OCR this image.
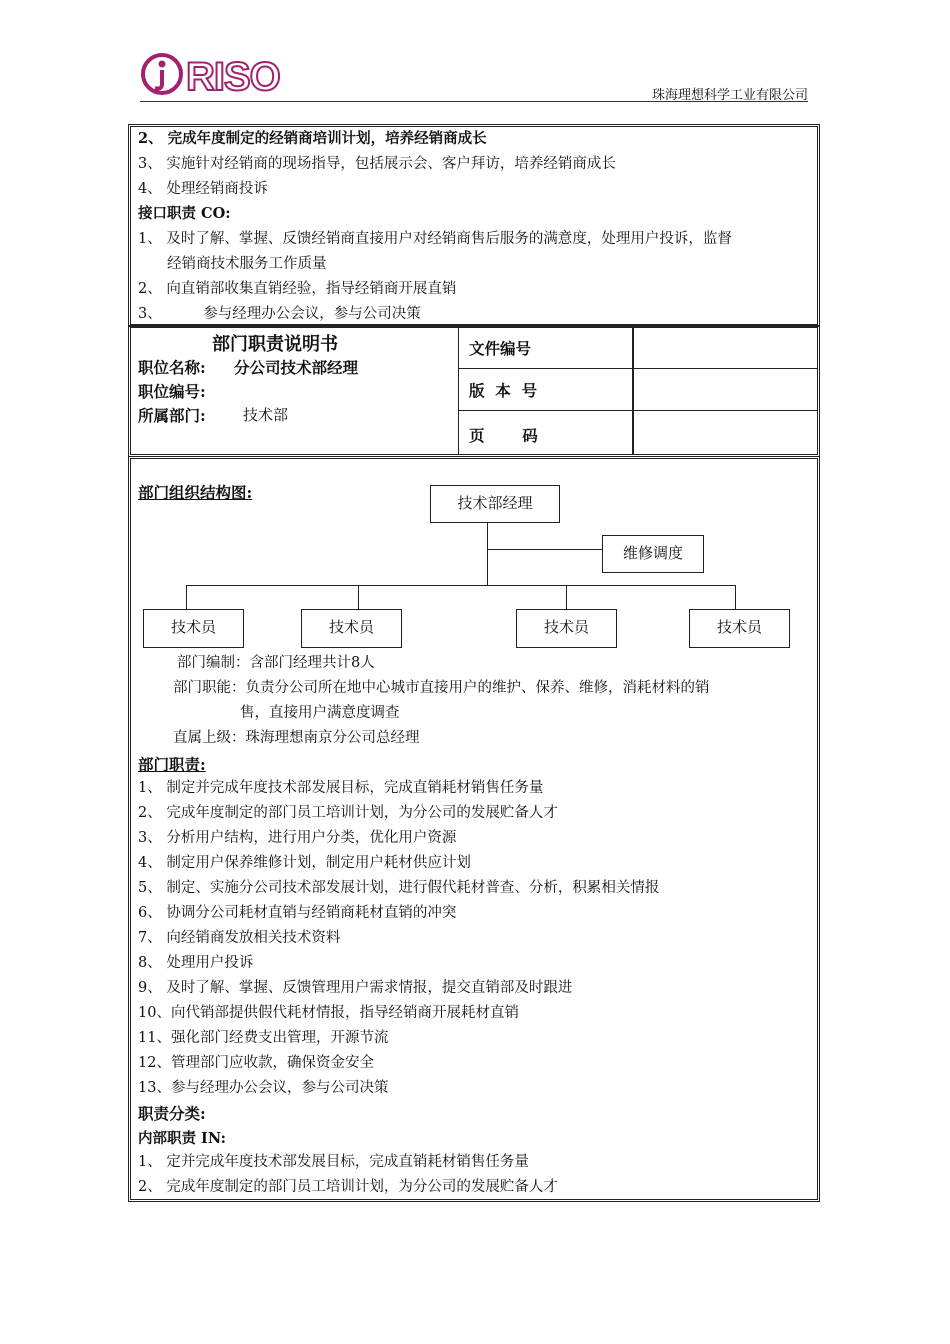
RISO	珠海理想科学工业有限公司
2、 完成年度制定的经销商培训计划，培养经销商成长
3、 实施针对经销商的现场指导，包括展示会、客户拜访，培养经销商成长
4、 处理经销商投诉
接口职责 CO:
1、 及时了解、掌握、反馈经销商直接用户对经销商售后服务的满意度，处理用户投诉，监督
经销商技术服务工作质量
2、 向直销部收集直销经验，指导经销商开展直销
3、         参与经理办公会议，参与公司决策
部门职责说明书
职位名称: 分公司技术部经理
职位编号:
所属部门: 技术部
文件编号
版  本  号
页       码
部门组织结构图:
技术部经理
维修调度
技术员	技术员	技术员	技术员
部门编制：含部门经理共计8人
部门职能：负责分公司所在地中心城市直接用户的维护、保养、维修，消耗材料的销
售，直接用户满意度调查
直属上级：珠海理想南京分公司总经理
部门职责:
1、 制定并完成年度技术部发展目标，完成直销耗材销售任务量
2、 完成年度制定的部门员工培训计划，为分公司的发展贮备人才
3、 分析用户结构，进行用户分类，优化用户资源
4、 制定用户保养维修计划，制定用户耗材供应计划
5、 制定、实施分公司技术部发展计划，进行假代耗材普查、分析，积累相关情报
6、 协调分公司耗材直销与经销商耗材直销的冲突
7、 向经销商发放相关技术资料
8、 处理用户投诉
9、 及时了解、掌握、反馈管理用户需求情报，提交直销部及时跟进
10、向代销部提供假代耗材情报，指导经销商开展耗材直销
11、强化部门经费支出管理，开源节流
12、管理部门应收款，确保资金安全
13、参与经理办公会议，参与公司决策
职责分类:
内部职责 IN:
1、 定并完成年度技术部发展目标，完成直销耗材销售任务量
2、 完成年度制定的部门员工培训计划，为分公司的发展贮备人才
